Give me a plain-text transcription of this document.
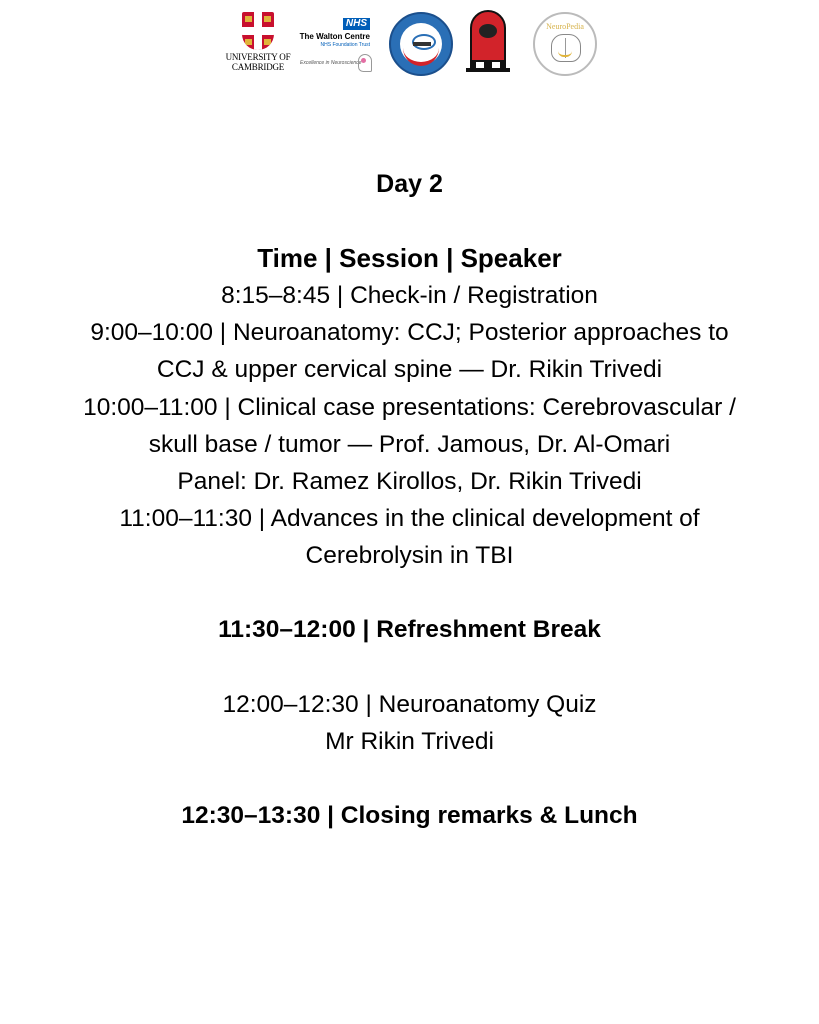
UNIVERSITY OF
CAMBRIDGE
NHS
The Walton Centre
NHS Foundation Trust
Excellence in Neuroscience
NeuroPedia
Day 2
Time | Session | Speaker
8:15–8:45 | Check-in / Registration
9:00–10:00 | Neuroanatomy: CCJ; Posterior approaches to
CCJ & upper cervical spine — Dr. Rikin Trivedi
10:00–11:00 | Clinical case presentations: Cerebrovascular /
skull base / tumor — Prof. Jamous, Dr. Al-Omari
Panel: Dr. Ramez Kirollos, Dr. Rikin Trivedi
11:00–11:30 | Advances in the clinical development of
Cerebrolysin in TBI
11:30–12:00 | Refreshment Break
12:00–12:30 | Neuroanatomy Quiz
Mr Rikin Trivedi
12:30–13:30 | Closing remarks & Lunch
